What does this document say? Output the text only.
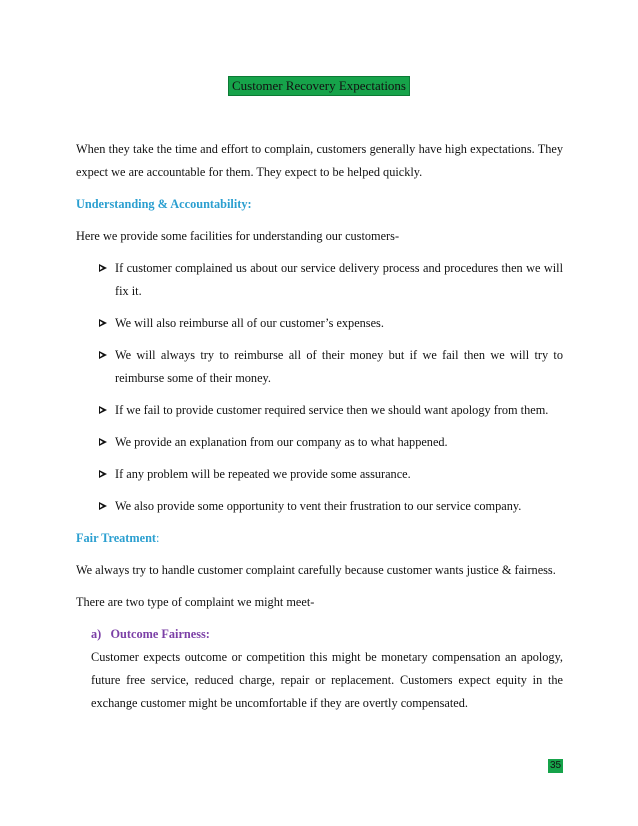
Customer Recovery Expectations

When they take the time and effort to complain, customers generally have high expectations. They expect we are accountable for them. They expect to be helped quickly.

Understanding & Accountability:

Here we provide some facilities for understanding our customers-

If customer complained us about our service delivery process and procedures then we will fix it.
We will also reimburse all of our customer’s expenses.
We will always try to reimburse all of their money but if we fail then we will try to reimburse some of their money.
If we fail to provide customer required service then we should want apology from them.
We provide an explanation from our company as to what happened.
If any problem will be repeated we provide some assurance.
We also provide some opportunity to vent their frustration to our service company.
Fair Treatment:

We always try to handle customer complaint carefully because customer wants justice & fairness.

There are two type of complaint we might meet-

a) Outcome Fairness:
Customer expects outcome or competition this might be monetary compensation an apology, future free service, reduced charge, repair or replacement. Customers expect equity in the exchange customer might be uncomfortable if they are overtly compensated.
35
